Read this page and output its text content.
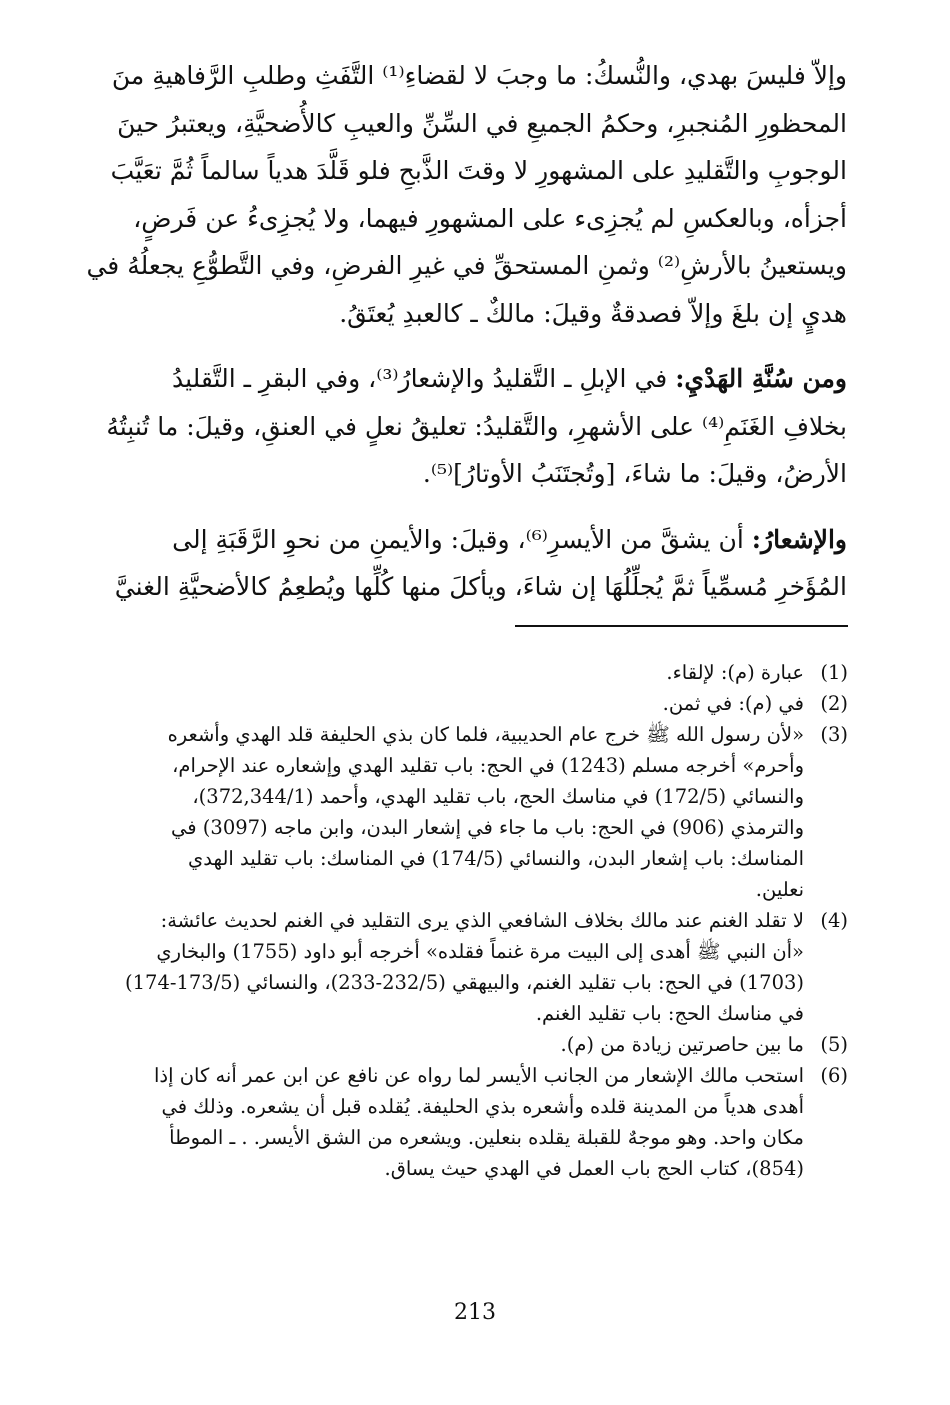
وإلاّ فليسَ بهدي، والنُّسكُ: ما وجبَ لا لقضاءِ⁽¹⁾ التَّفَثِ وطلبِ الرَّفاهيةِ منَ
المحظورِ المُنجبرِ، وحكمُ الجميعِ في السِّنِّ والعيبِ كالأُضحيَّةِ، ويعتبرُ حينَ
الوجوبِ والتَّقليدِ على المشهورِ لا وقتَ الذَّبحِ فلو قَلَّدَ هدياً سالماً ثُمَّ تعَيَّبَ
أجزأه، وبالعكسِ لم يُجزِىء على المشهورِ فيهما، ولا يُجزِىءُ عن فَرضٍ،
ويستعينُ بالأرشِ⁽²⁾ وثمنِ المستحقِّ في غيرِ الفرضِ، وفي التَّطوُّعِ يجعلُهُ في
هديٍ إن بلغَ وإلاّ فصدقةٌ وقيلَ: مالكٌ ـ كالعبدِ يُعتَقُ.

ومن سُنَّةِ الهَدْيِ: في الإبلِ ـ التَّقليدُ والإشعارُ⁽³⁾، وفي البقرِ ـ التَّقليدُ
بخلافِ الغَنَمِ⁽⁴⁾ على الأشهرِ، والتَّقليدُ: تعليقُ نعلٍ في العنقِ، وقيلَ: ما تُنبِتُهُ
الأرضُ، وقيلَ: ما شاءَ، [وتُجتَنَبُ الأوتارُ]⁽⁵⁾.

والإشعارُ: أن يشقَّ من الأيسرِ⁽⁶⁾، وقيلَ: والأيمنِ من نحوِ الرَّقَبَةِ إلى
المُؤَخرِ مُسمِّياً ثمَّ يُجلِّلُهَا إن شاءَ، ويأكلَ منها كُلِّها ويُطعِمُ كالأضحيَّةِ الغنيَّ

(1)
عبارة (م): لإلقاء.
(2)
في (م): في ثمن.
(3)
«لأن رسول الله ﷺ خرج عام الحديبية، فلما كان بذي الحليفة قلد الهدي وأشعره
وأحرم» أخرجه مسلم (1243) في الحج: باب تقليد الهدي وإشعاره عند الإحرام،
والنسائي (172/5) في مناسك الحج، باب تقليد الهدي، وأحمد (372,344/1)،
والترمذي (906) في الحج: باب ما جاء في إشعار البدن، وابن ماجه (3097) في
المناسك: باب إشعار البدن، والنسائي (174/5) في المناسك: باب تقليد الهدي
نعلين.
(4)
لا تقلد الغنم عند مالك بخلاف الشافعي الذي يرى التقليد في الغنم لحديث عائشة:
«أن النبي ﷺ أهدى إلى البيت مرة غنماً فقلده» أخرجه أبو داود (1755) والبخاري
(1703) في الحج: باب تقليد الغنم، والبيهقي (232/5-233)، والنسائي (173/5-174)
في مناسك الحج: باب تقليد الغنم.
(5)
ما بين حاصرتين زيادة من (م).
(6)
استحب مالك الإشعار من الجانب الأيسر لما رواه عن نافع عن ابن عمر أنه كان إذا
أهدى هدياً من المدينة قلده وأشعره بذي الحليفة. يُقلده قبل أن يشعره. وذلك في
مكان واحد. وهو موجهٌ للقبلة يقلده بنعلين. ويشعره من الشق الأيسر. . ـ الموطأ
(854)، كتاب الحج باب العمل في الهدي حيث يساق.
213
